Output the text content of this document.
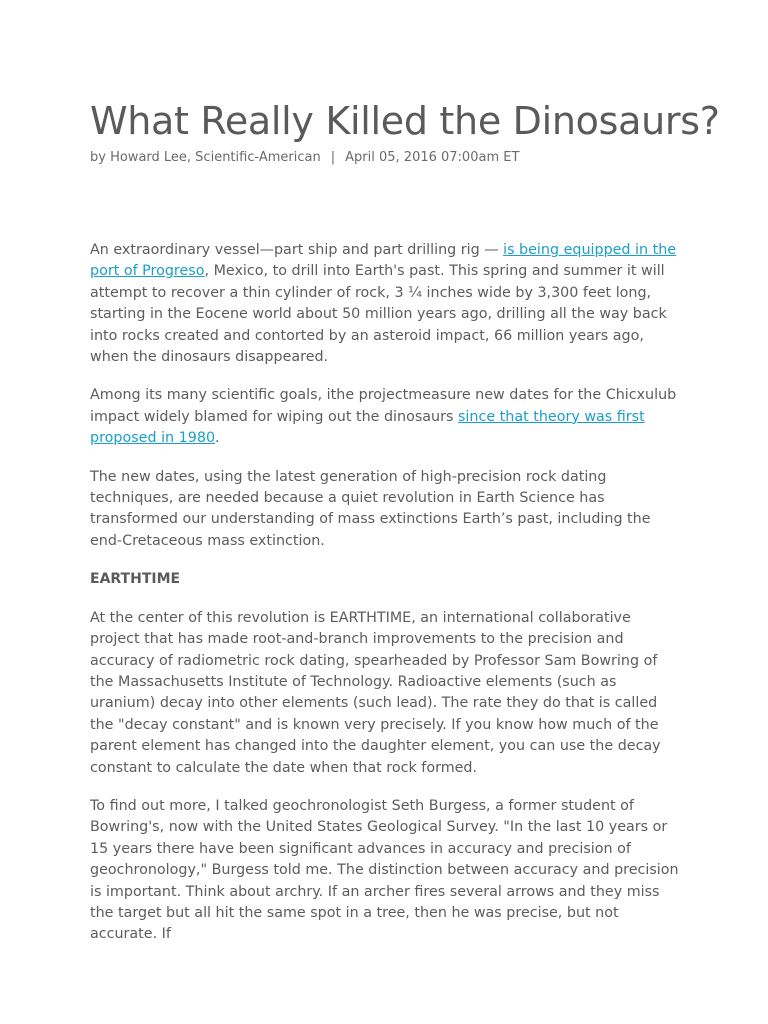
What Really Killed the Dinosaurs?
by Howard Lee, Scientific-American | April 05, 2016 07:00am ET

An extraordinary vessel—part ship and part drilling rig — is being equipped in the port of Progreso, Mexico, to drill into Earth's past. This spring and summer it will attempt to recover a thin cylinder of rock, 3 ¼ inches wide by 3,300 feet long, starting in the Eocene world about 50 million years ago, drilling all the way back into rocks created and contorted by an asteroid impact, 66 million years ago, when the dinosaurs disappeared.

Among its many scientific goals, ithe projectmeasure new dates for the Chicxulub impact widely blamed for wiping out the dinosaurs since that theory was first proposed in 1980.

The new dates, using the latest generation of high-precision rock dating techniques, are needed because a quiet revolution in Earth Science has transformed our understanding of mass extinctions Earth’s past, including the end-Cretaceous mass extinction.

EARTHTIME

At the center of this revolution is EARTHTIME, an international collaborative project that has made root-and-branch improvements to the precision and accuracy of radiometric rock dating, spearheaded by Professor Sam Bowring of the Massachusetts Institute of Technology. Radioactive elements (such as uranium) decay into other elements (such lead). The rate they do that is called the "decay constant" and is known very precisely. If you know how much of the parent element has changed into the daughter element, you can use the decay constant to calculate the date when that rock formed.

To find out more, I talked geochronologist Seth Burgess, a former student of Bowring's, now with the United States Geological Survey. "In the last 10 years or 15 years there have been significant advances in accuracy and precision of geochronology," Burgess told me. The distinction between accuracy and precision is important. Think about archry. If an archer fires several arrows and they miss the target but all hit the same spot in a tree, then he was precise, but not accurate. If
